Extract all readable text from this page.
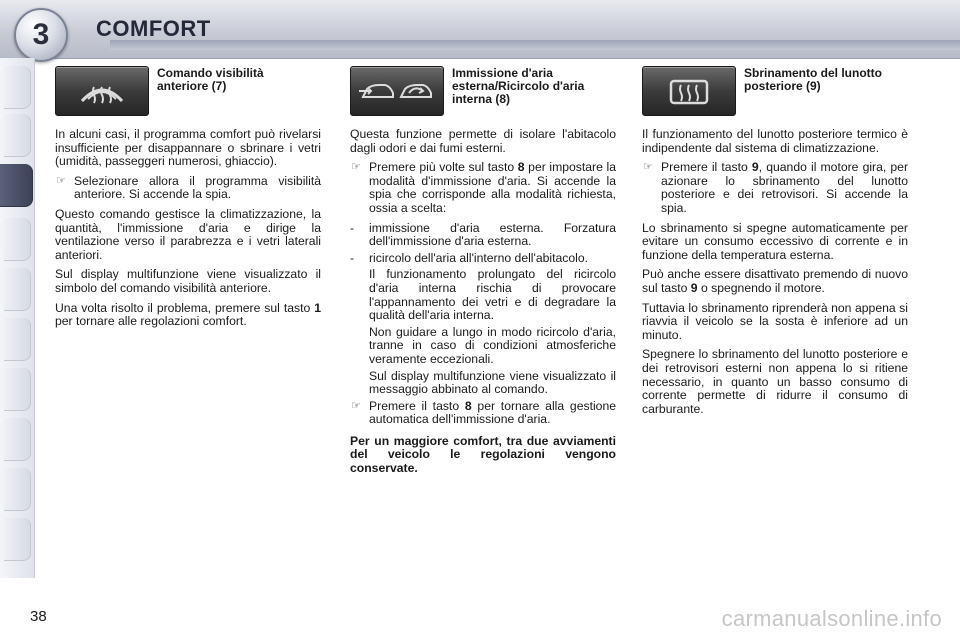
3 COMFORT
Comando visibilità anteriore (7)

In alcuni casi, il programma comfort può rivelarsi insufficiente per disappannare o sbrinare i vetri (umidità, passeggeri numerosi, ghiaccio).

☞ Selezionare allora il programma visibilità anteriore. Si accende la spia.

Questo comando gestisce la climatizzazione, la quantità, l'immissione d'aria e dirige la ventilazione verso il parabrezza e i vetri laterali anteriori.

Sul display multifunzione viene visualizzato il simbolo del comando visibilità anteriore.

Una volta risolto il problema, premere sul tasto 1 per tornare alle regolazioni comfort.

Immissione d'aria esterna/Ricircolo d'aria interna (8)

Questa funzione permette di isolare l'abitacolo dagli odori e dai fumi esterni.

☞ Premere più volte sul tasto 8 per impostare la modalità d'immissione d'aria. Si accende la spia che corrisponde alla modalità richiesta, ossia a scelta:
- immissione d'aria esterna. Forzatura dell'immissione d'aria esterna.
- ricircolo dell'aria all'interno dell'abitacolo.
Il funzionamento prolungato del ricircolo d'aria interna rischia di provocare l'appannamento dei vetri e di degradare la qualità dell'aria interna.
Non guidare a lungo in modo ricircolo d'aria, tranne in caso di condizioni atmosferiche veramente eccezionali.
Sul display multifunzione viene visualizzato il messaggio abbinato al comando.
☞ Premere il tasto 8 per tornare alla gestione automatica dell'immissione d'aria.
Per un maggiore comfort, tra due avviamenti del veicolo le regolazioni vengono conservate.
Sbrinamento del lunotto posteriore (9)

Il funzionamento del lunotto posteriore termico è indipendente dal sistema di climatizzazione.

☞ Premere il tasto 9, quando il motore gira, per azionare lo sbrinamento del lunotto posteriore e dei retrovisori. Si accende la spia.

Lo sbrinamento si spegne automaticamente per evitare un consumo eccessivo di corrente e in funzione della temperatura esterna.

Può anche essere disattivato premendo di nuovo sul tasto 9 o spegnendo il motore.

Tuttavia lo sbrinamento riprenderà non appena si riavvia il veicolo se la sosta è inferiore ad un minuto.

Spegnere lo sbrinamento del lunotto posteriore e dei retrovisori esterni non appena lo si ritiene necessario, in quanto un basso consumo di corrente permette di ridurre il consumo di carburante.

38	carmanualsonline.info
